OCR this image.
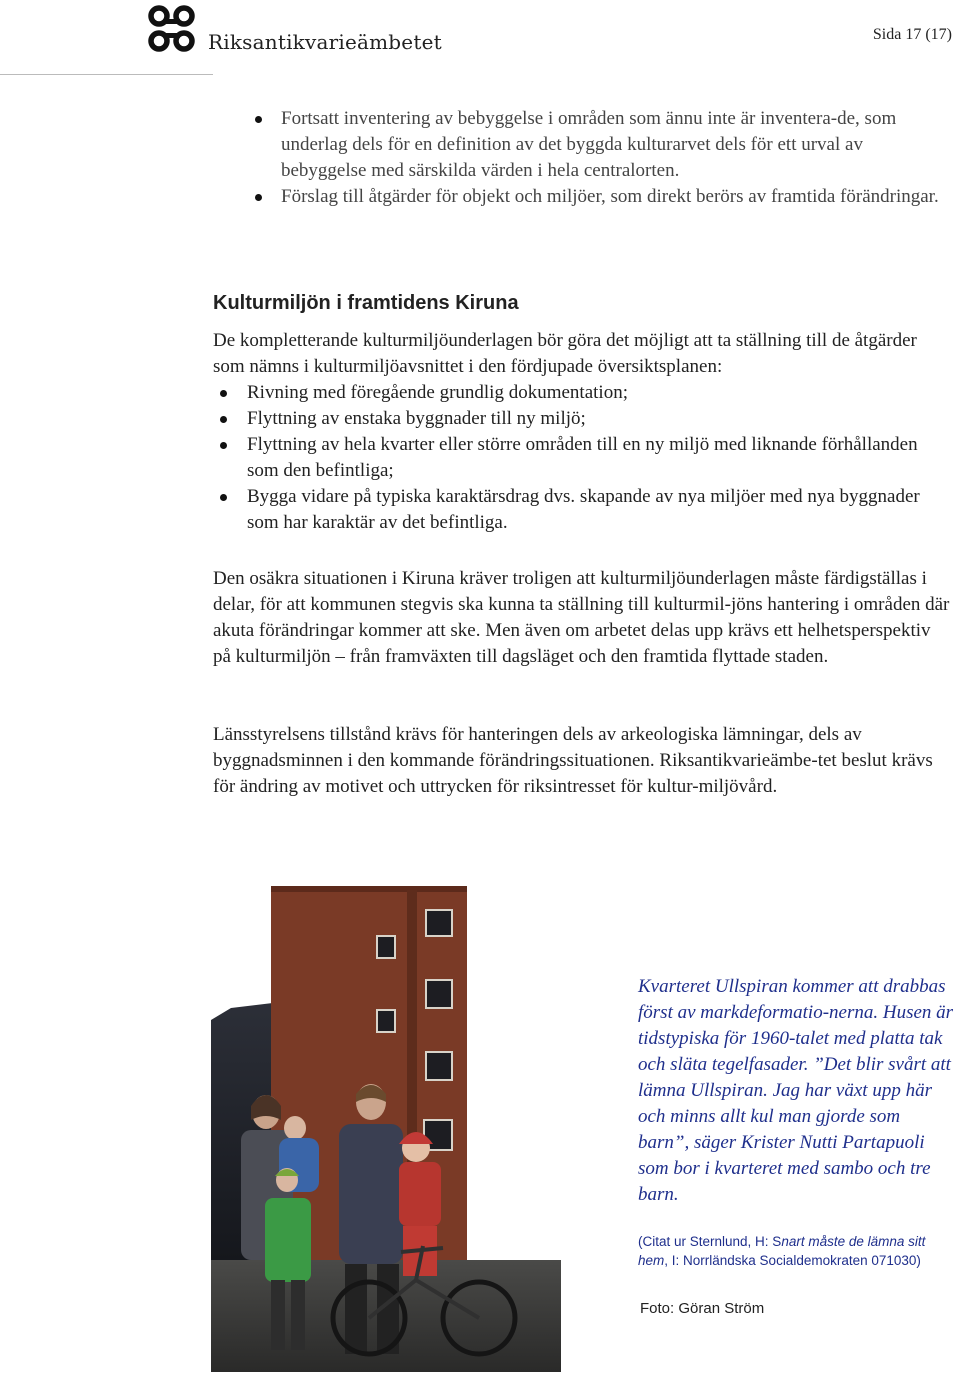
Riksantikvarieämbetet	Sida 17 (17)
Fortsatt inventering av bebyggelse i områden som ännu inte är inventera-de, som underlag dels för en definition av det byggda kulturarvet dels för ett urval av bebyggelse med särskilda värden i hela centralorten.
Förslag till åtgärder för objekt och miljöer, som direkt berörs av framtida förändringar.
Kulturmiljön i framtidens Kiruna

De kompletterande kulturmiljöunderlagen bör göra det möjligt att ta ställning till de åtgärder som nämns i kulturmiljöavsnittet i den fördjupade översiktsplanen:

Rivning med föregående grundlig dokumentation;
Flyttning av enstaka byggnader till ny miljö;
Flyttning av hela kvarter eller större områden till en ny miljö med liknande förhållanden som den befintliga;
Bygga vidare på typiska karaktärsdrag dvs. skapande av nya miljöer med nya byggnader som har karaktär av det befintliga.

Den osäkra situationen i Kiruna kräver troligen att kulturmiljöunderlagen måste färdigställas i delar, för att kommunen stegvis ska kunna ta ställning till kulturmil-jöns hantering i områden där akuta förändringar kommer att ske. Men även om arbetet delas upp krävs ett helhetsperspektiv på kulturmiljön – från framväxten till dagsläget och den framtida flyttade staden.

Länsstyrelsens tillstånd krävs för hanteringen dels av arkeologiska lämningar, dels av byggnadsminnen i den kommande förändringssituationen. Riksantikvarieämbe-tet beslut krävs för ändring av motivet och uttrycken för riksintresset för kultur-miljövård.

Kvarteret Ullspiran kommer att drabbas först av markdeformatio-nerna. Husen är tidstypiska för 1960-talet med platta tak och släta tegelfasader. ”Det blir svårt att lämna Ullspiran. Jag har växt upp här och minns allt kul man gjorde som barn”, säger Krister Nutti Partapuoli som bor i kvarteret med sambo och tre barn.

(Citat ur Sternlund, H: Snart måste de lämna sitt hem, I: Norrländska Socialdemokraten 071030)

Foto: Göran Ström
